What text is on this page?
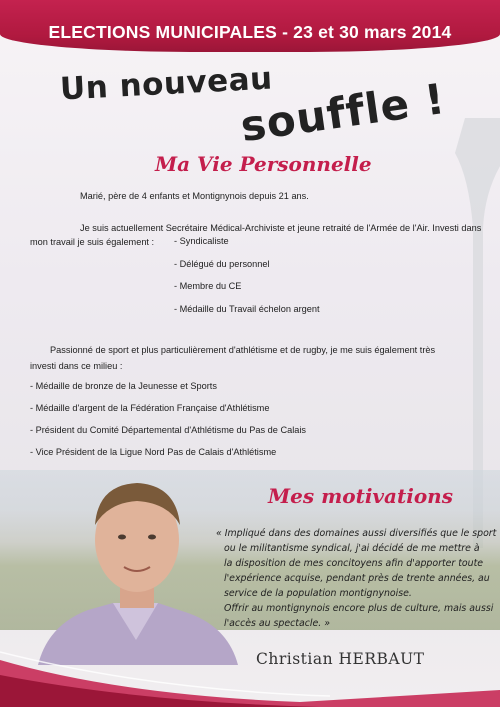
ELECTIONS MUNICIPALES - 23 et 30 mars 2014
Un nouveau
souffle !
Ma Vie Personnelle
Marié, père de 4 enfants et Montignynois depuis 21 ans.
Je suis actuellement Secrétaire Médical-Archiviste et jeune retraité de l'Armée de l'Air. Investi dans
mon travail je suis également : - Syndicaliste
- Délégué du personnel
- Membre du CE
- Médaille du Travail échelon argent
Passionné de sport et plus particulièrement d'athlétisme et de rugby, je me suis également très
investi dans ce milieu :
- Médaille de bronze de la Jeunesse et Sports
- Médaille d'argent de la Fédération Française d'Athlétisme
- Président du Comité Départemental d'Athlétisme du Pas de Calais
- Vice Président de la Ligue Nord Pas de Calais d'Athlétisme
Mes motivations
« Impliqué dans des domaines aussi diversifiés que le sport
ou le militantisme syndical, j'ai décidé de me mettre à
la disposition de mes concitoyens afin d'apporter toute
l'expérience acquise, pendant près de trente années, au
service de la population montignynoise.
Offrir au montignynois encore plus de culture, mais aussi
l'accès au spectacle. »
Christian HERBAUT
